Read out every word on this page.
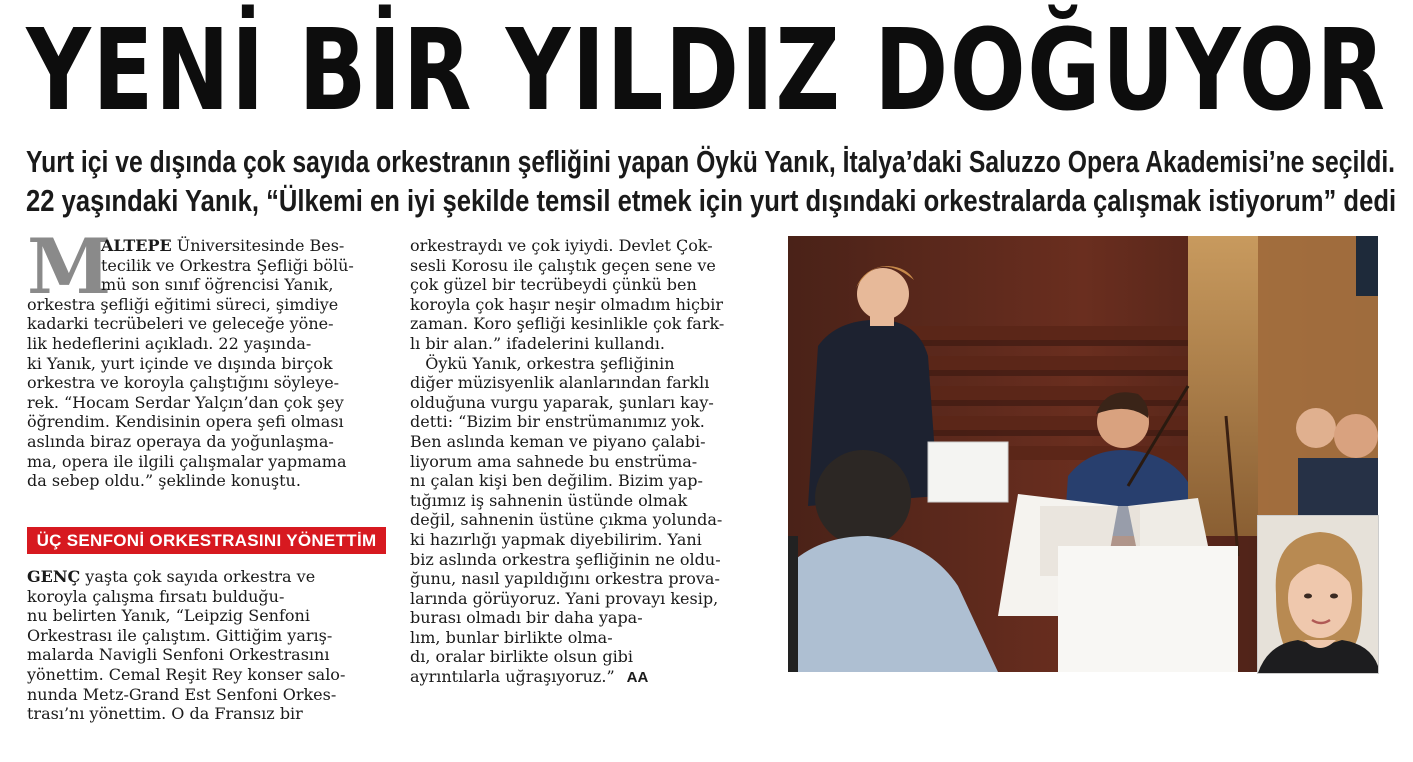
YENİ BİR YILDIZ DOĞUYOR
Yurt içi ve dışında çok sayıda orkestranın şefliğini yapan Öykü Yanık, İtalya’daki Saluzzo Opera Akademisi’ne seçildi.
22 yaşındaki Yanık, “Ülkemi en iyi şekilde temsil etmek için yurt dışındaki orkestralarda çalışmak istiyorum” dedi
M
ALTEPE Üniversitesinde Bes-
tecilik ve Orkestra Şefliği bölü-
mü son sınıf öğrencisi Yanık,
orkestra şefliği eğitimi süreci, şimdiye
kadarki tecrübeleri ve geleceğe yöne-
lik hedeflerini açıkladı. 22 yaşında-
ki Yanık, yurt içinde ve dışında birçok
orkestra ve koroyla çalıştığını söyleye-
rek. “Hocam Serdar Yalçın’dan çok şey
öğrendim. Kendisinin opera şefi olması
aslında biraz operaya da yoğunlaşma-
ma, opera ile ilgili çalışmalar yapmama
da sebep oldu.” şeklinde konuştu.
ÜÇ SENFONİ ORKESTRASINI YÖNETTİM
GENÇ yaşta çok sayıda orkestra ve
koroyla çalışma fırsatı bulduğu-
nu belirten Yanık, “Leipzig Senfoni
Orkestrası ile çalıştım. Gittiğim yarış-
malarda Navigli Senfoni Orkestrasını
yönettim. Cemal Reşit Rey konser salo-
nunda Metz-Grand Est Senfoni Orkes-
trası’nı yönettim. O da Fransız bir
orkestraydı ve çok iyiydi. Devlet Çok-
sesli Korosu ile çalıştık geçen sene ve
çok güzel bir tecrübeydi çünkü ben
koroyla çok haşır neşir olmadım hiçbir
zaman. Koro şefliği kesinlikle çok fark-
lı bir alan.” ifadelerini kullandı.
Öykü Yanık, orkestra şefliğinin
diğer müzisyenlik alanlarından farklı
olduğuna vurgu yaparak, şunları kay-
detti: “Bizim bir enstrümanımız yok.
Ben aslında keman ve piyano çalabi-
liyorum ama sahnede bu enstrüma-
nı çalan kişi ben değilim. Bizim yap-
tığımız iş sahnenin üstünde olmak
değil, sahnenin üstüne çıkma yolunda-
ki hazırlığı yapmak diyebilirim. Yani
biz aslında orkestra şefliğinin ne oldu-
ğunu, nasıl yapıldığını orkestra prova-
larında görüyoruz. Yani provayı kesip,
burası olmadı bir daha yapa-
lım, bunlar birlikte olma-
dı, oralar birlikte olsun gibi
ayrıntılarla uğraşıyoruz.” AA
